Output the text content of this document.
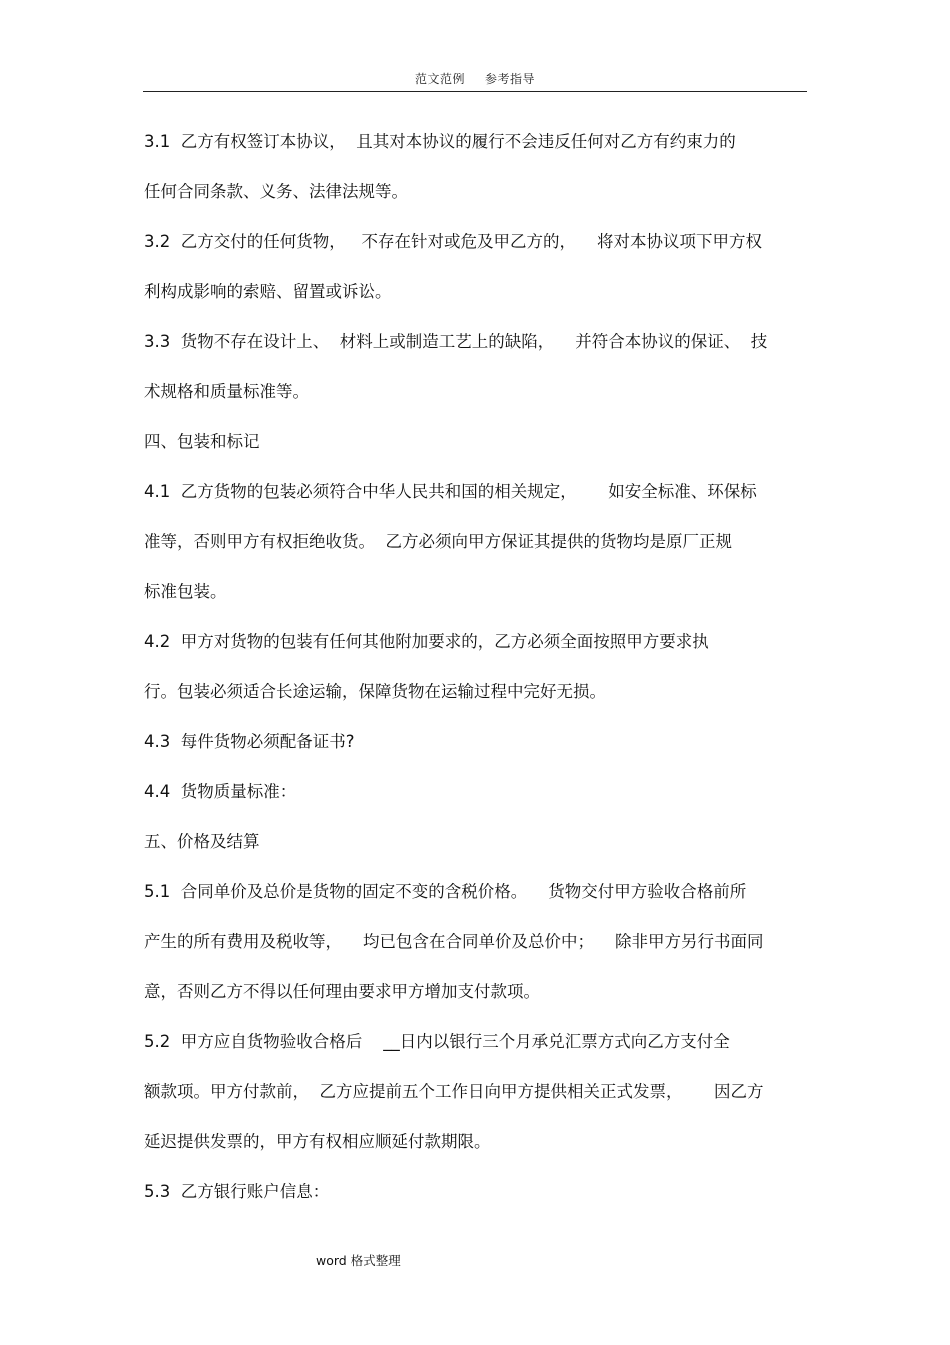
范文范例 参考指导
3.1  乙方有权签订本协议，  且其对本协议的履行不会违反任何对乙方有约束力的
任何合同条款、义务、法律法规等。
3.2  乙方交付的任何货物，   不存在针对或危及甲乙方的，    将对本协议项下甲方权
利构成影响的索赔、留置或诉讼。
3.3  货物不存在设计上、  材料上或制造工艺上的缺陷，    并符合本协议的保证、  技
术规格和质量标准等。
四、包装和标记
4.1  乙方货物的包装必须符合中华人民共和国的相关规定，      如安全标准、环保标
准等，否则甲方有权拒绝收货。  乙方必须向甲方保证其提供的货物均是原厂正规
标准包装。
4.2  甲方对货物的包装有任何其他附加要求的，乙方必须全面按照甲方要求执
行。包装必须适合长途运输，保障货物在运输过程中完好无损。
4.3  每件货物必须配备证书?
4.4  货物质量标准：
五、价格及结算
5.1  合同单价及总价是货物的固定不变的含税价格。    货物交付甲方验收合格前所
产生的所有费用及税收等，    均已包含在合同单价及总价中；    除非甲方另行书面同
意，否则乙方不得以任何理由要求甲方增加支付款项。
5.2  甲方应自货物验收合格后    __日内以银行三个月承兑汇票方式向乙方支付全
额款项。甲方付款前，  乙方应提前五个工作日向甲方提供相关正式发票，      因乙方
延迟提供发票的，甲方有权相应顺延付款期限。
5.3  乙方银行账户信息：
word 格式整理
